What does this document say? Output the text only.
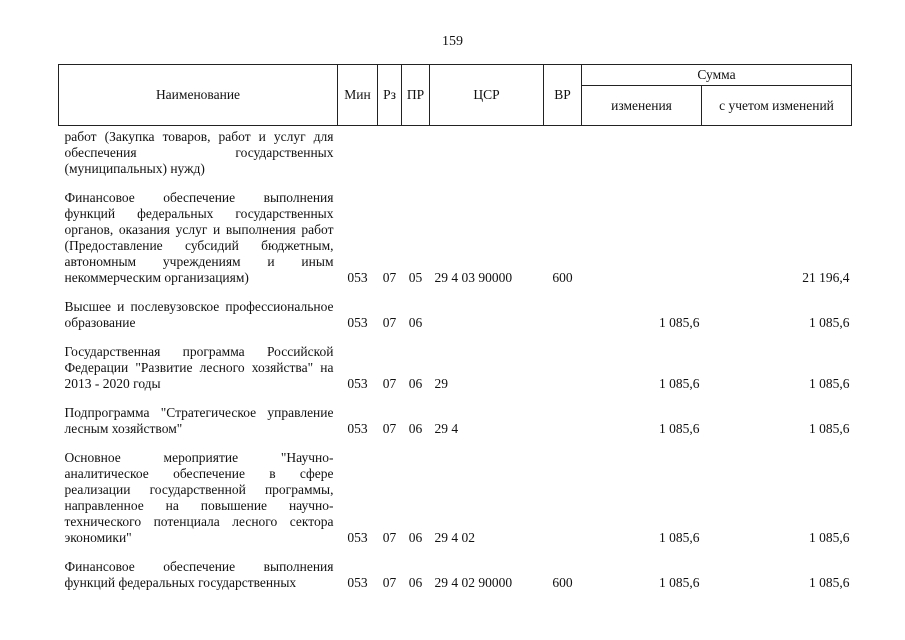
159
Наименование	Мин	Рз	ПР	ЦСР	ВР	Сумма	
						изменения	с учетом изменений
работ (Закупка товаров, работ и услуг для обеспечения государственных (муниципальных) нужд)							
Финансовое обеспечение выполнения функций федеральных государственных органов, оказания услуг и выполнения работ (Предоставление субсидий бюджетным, автономным учреждениям и иным некоммерческим организациям)	053	07	05	29 4 03 90000	600		21 196,4
Высшее и послевузовское профессиональное образование	053	07	06			1 085,6	1 085,6
Государственная программа Российской Федерации "Развитие лесного хозяйства" на 2013 - 2020 годы	053	07	06	29		1 085,6	1 085,6
Подпрограмма "Стратегическое управление лесным хозяйством"	053	07	06	29 4		1 085,6	1 085,6
Основное мероприятие "Научно-аналитическое обеспечение в сфере реализации государственной программы, направленное на повышение научно-технического потенциала лесного сектора экономики"	053	07	06	29 4 02		1 085,6	1 085,6
Финансовое обеспечение выполнения функций федеральных государственных	053	07	06	29 4 02 90000	600	1 085,6	1 085,6
